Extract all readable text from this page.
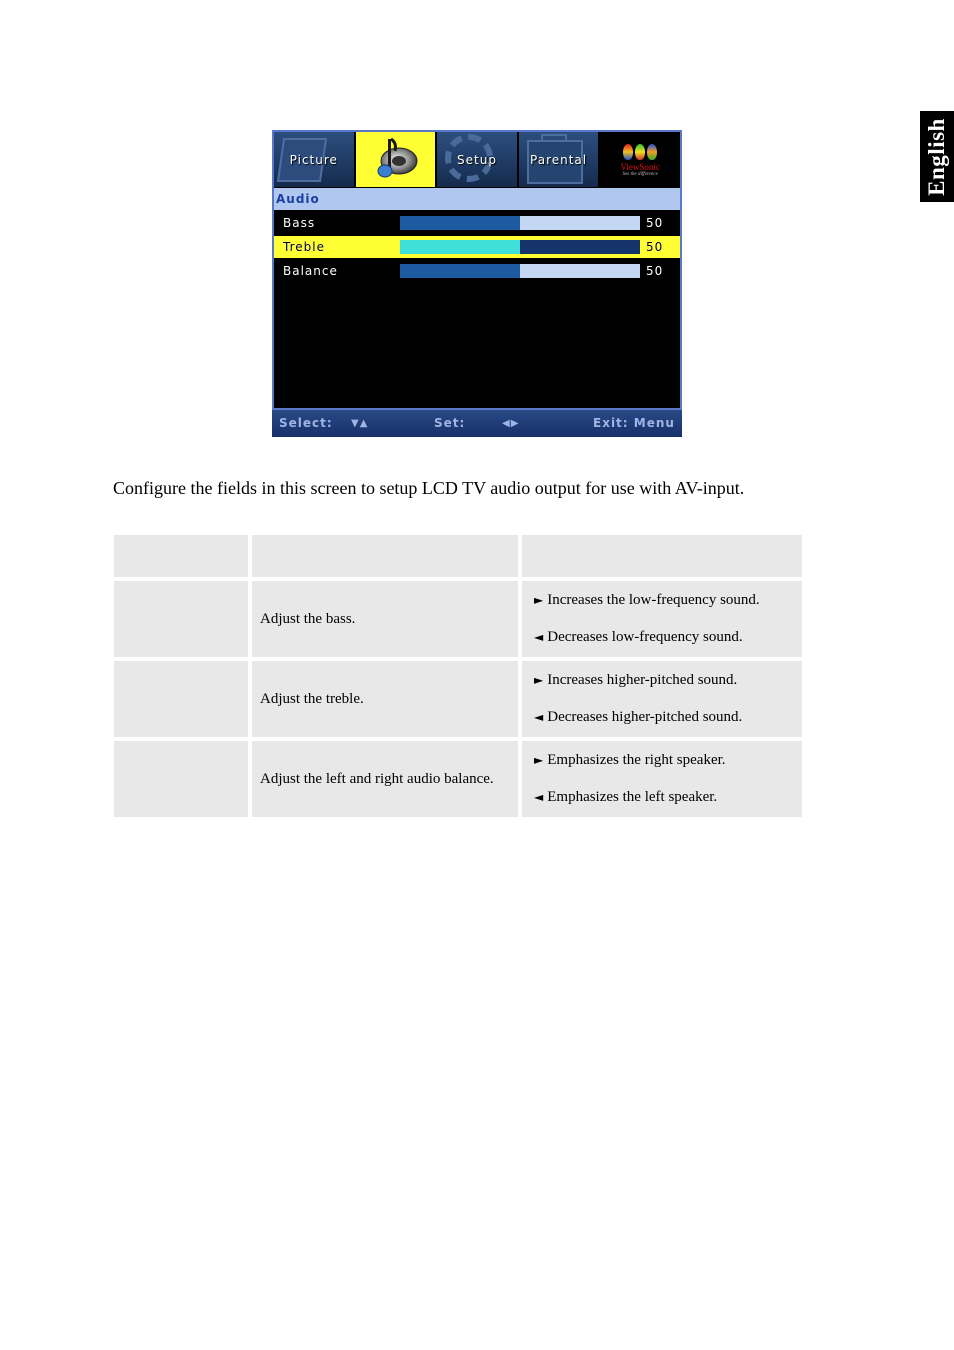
English
Picture	Setup	Parental
ViewSonic
See the difference
Audio
Bass	50
Treble	50
Balance	50
Select: ▼▲	Set:	◀▶	Exit: Menu
Configure the fields in this screen to setup LCD TV audio output for use with AV-input.

	Adjust the bass.	► Increases the low-frequency sound.
◄ Decreases low-frequency sound.

	Adjust the treble.	► Increases higher-pitched sound.
◄ Decreases higher-pitched sound.

	Adjust the left and right audio balance.	► Emphasizes the right speaker.
◄ Emphasizes the left speaker.
